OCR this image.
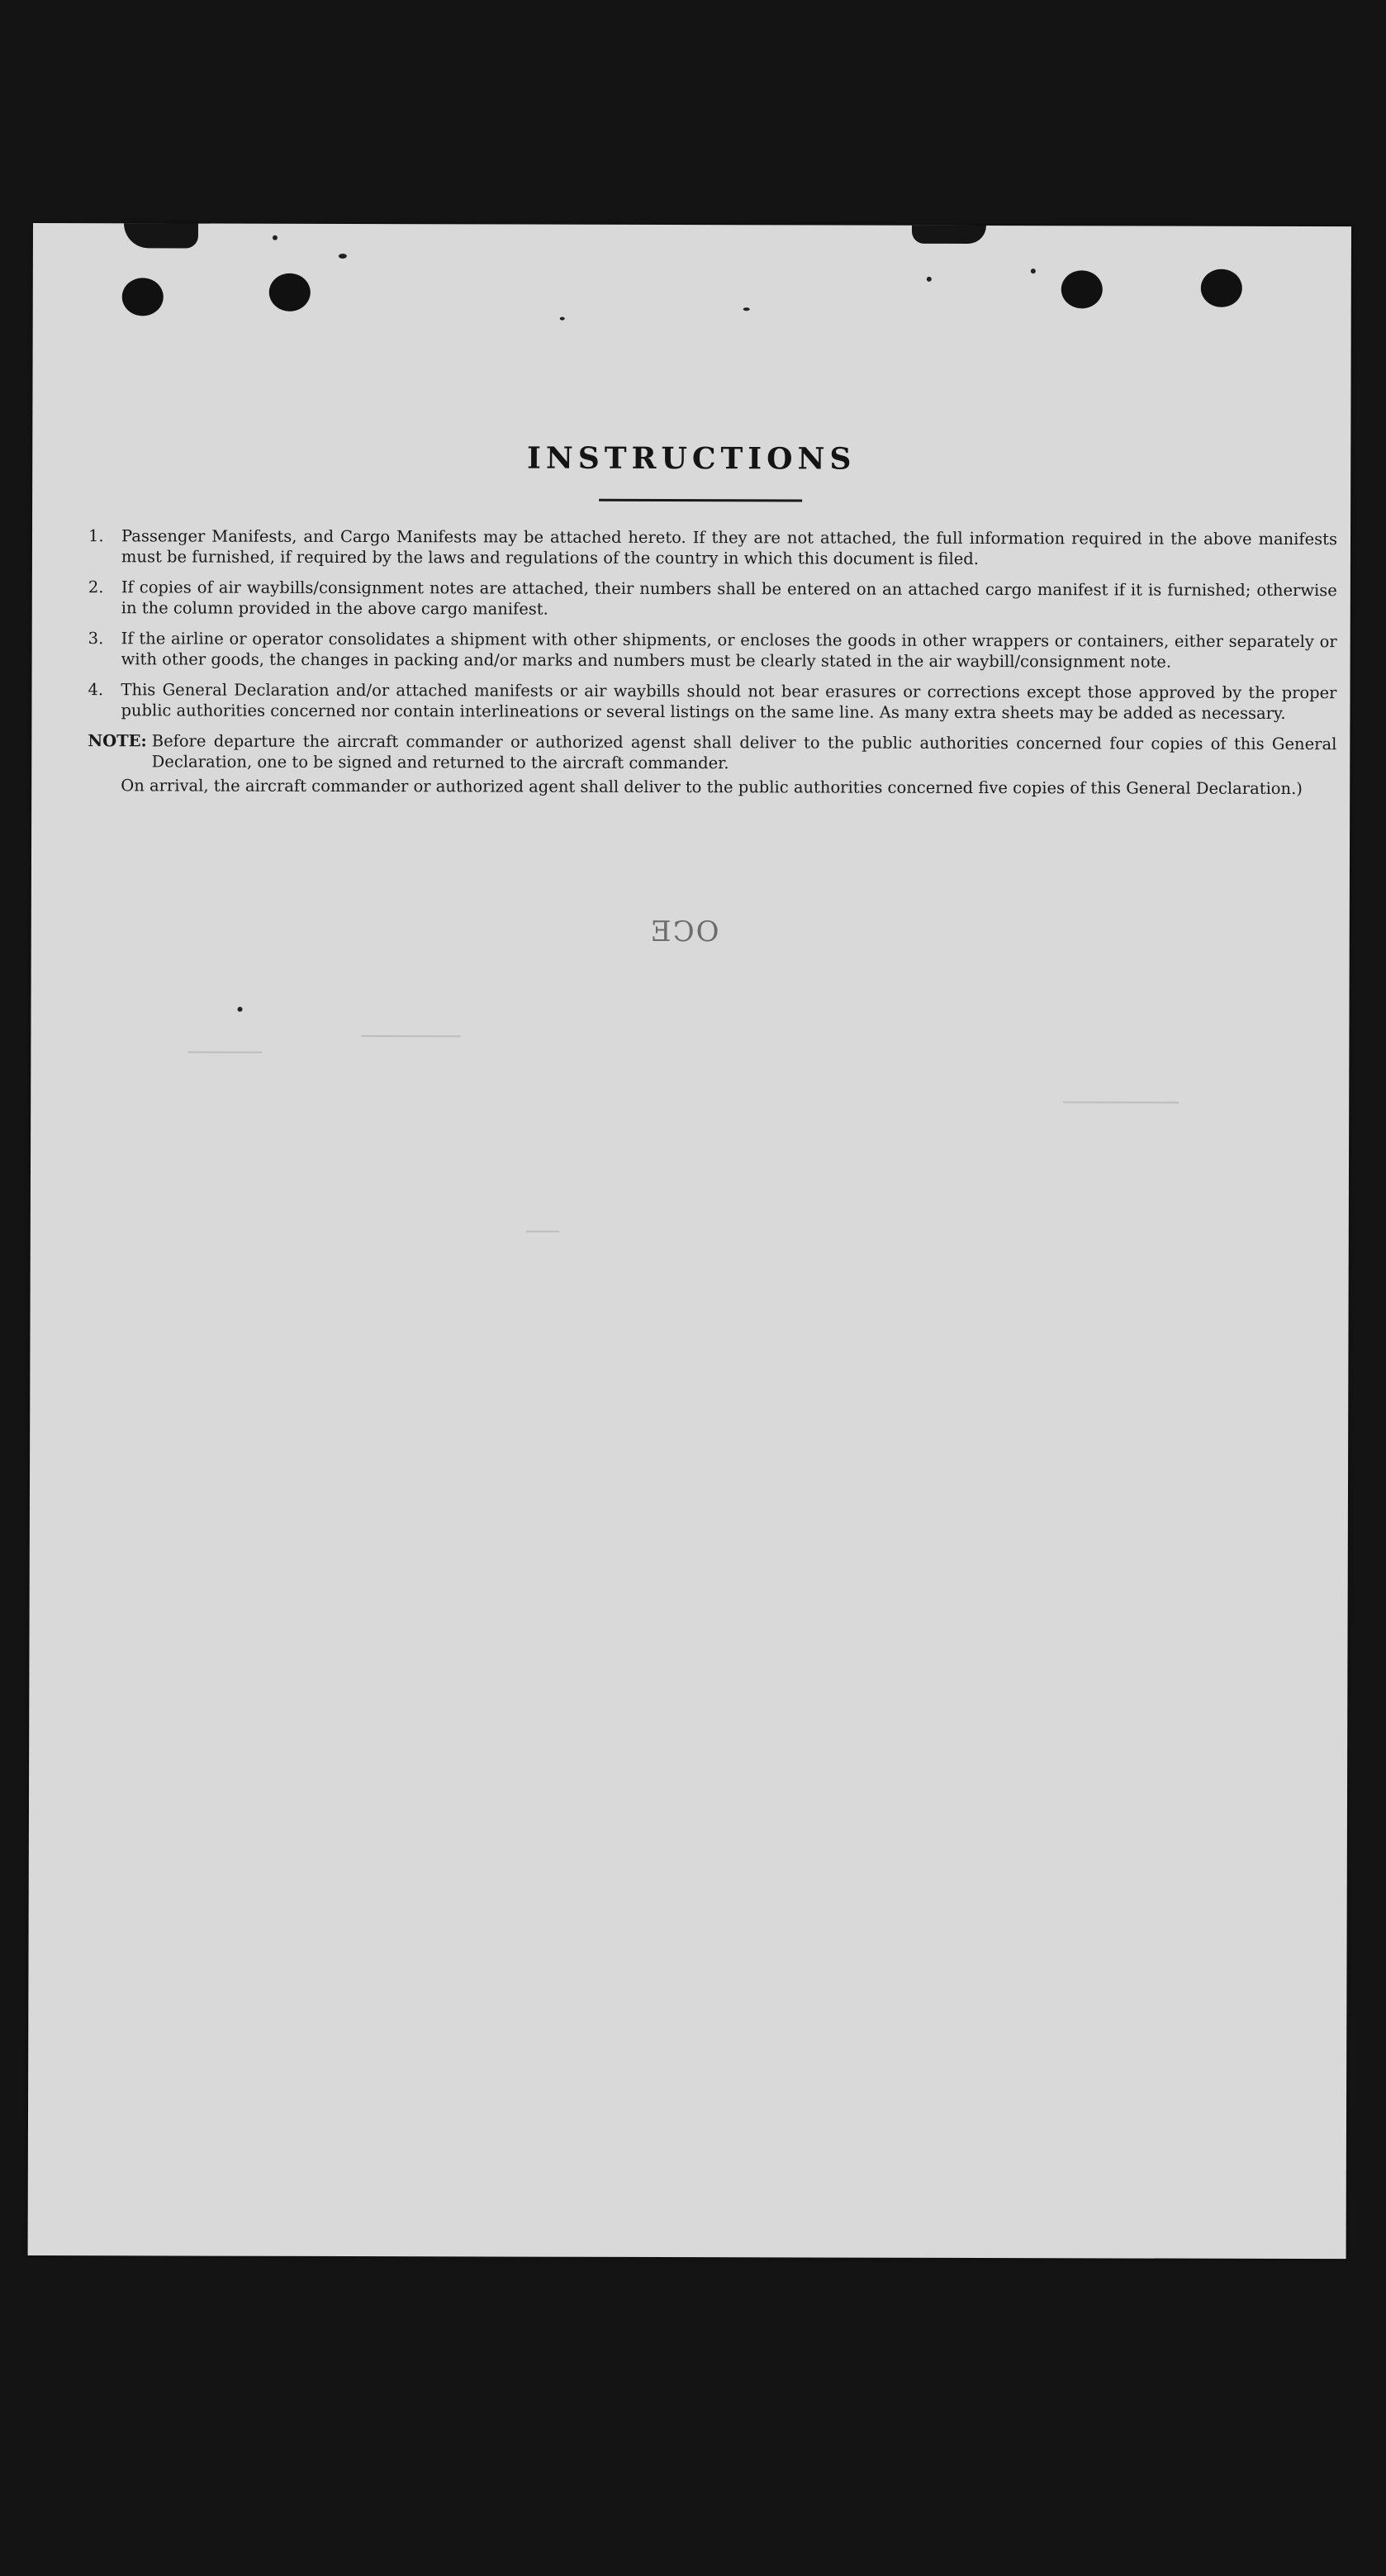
INSTRUCTIONS
1.	Passenger Manifests, and Cargo Manifests may be attached hereto. If they are not attached, the full information required in the above manifests must be furnished, if required by the laws and regulations of the country in which this document is filed.
2.	If copies of air waybills/consignment notes are attached, their numbers shall be entered on an attached cargo manifest if it is furnished; otherwise in the column provided in the above cargo manifest.
3.	If the airline or operator consolidates a shipment with other shipments, or encloses the goods in other wrappers or containers, either separately or with other goods, the changes in packing and/or marks and numbers must be clearly stated in the air waybill/consignment note.
4.	This General Declaration and/or attached manifests or air waybills should not bear erasures or corrections except those approved by the proper public authorities concerned nor contain interlineations or several listings on the same line. As many extra sheets may be added as necessary.
NOTE: Before departure the aircraft commander or authorized agenst shall deliver to the public authorities concerned four copies of this General Declaration, one to be signed and returned to the aircraft commander.
On arrival, the aircraft commander or authorized agent shall deliver to the public authorities concerned five copies of this General Declaration.)
OCE
